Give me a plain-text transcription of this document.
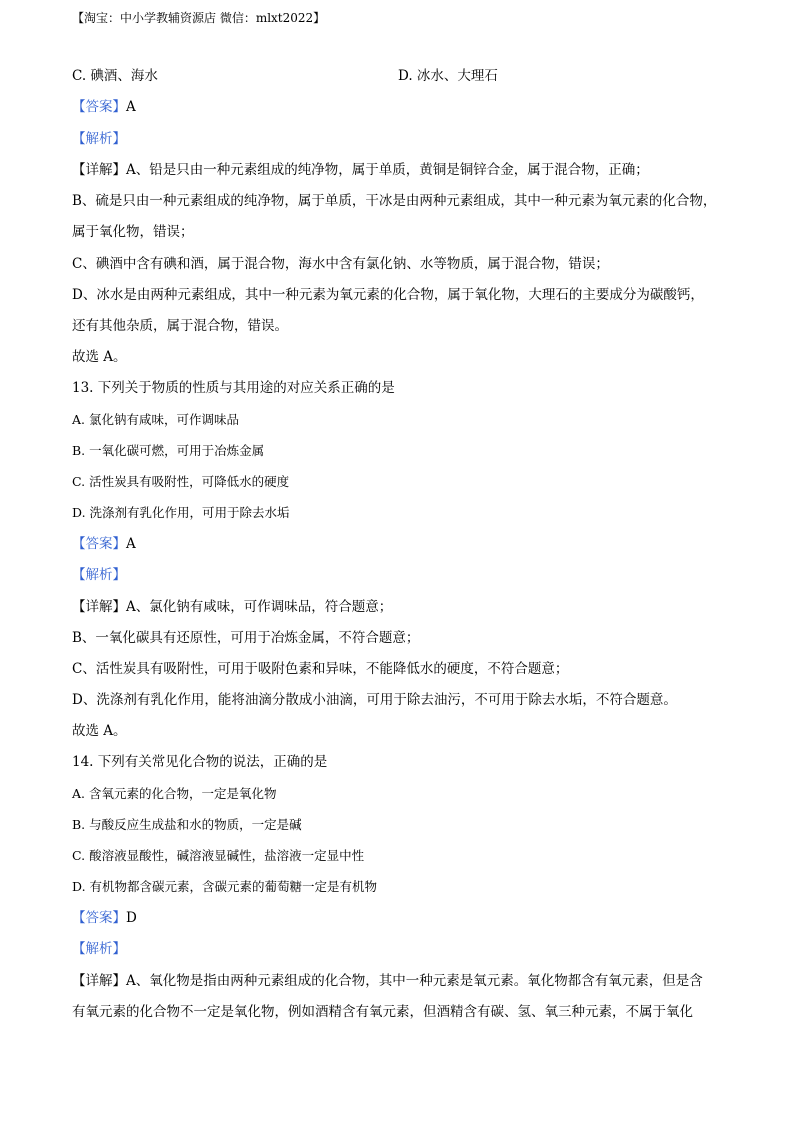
【淘宝：中小学教辅资源店 微信：mlxt2022】
C. 碘酒、海水	D. 冰水、大理石
【答案】A
【解析】
【详解】A、铅是只由一种元素组成的纯净物，属于单质，黄铜是铜锌合金，属于混合物，正确；
B、硫是只由一种元素组成的纯净物，属于单质，干冰是由两种元素组成，其中一种元素为氧元素的化合物，
属于氧化物，错误；
C、碘酒中含有碘和酒，属于混合物，海水中含有氯化钠、水等物质，属于混合物，错误；
D、冰水是由两种元素组成，其中一种元素为氧元素的化合物，属于氧化物，大理石的主要成分为碳酸钙，
还有其他杂质，属于混合物，错误。
故选 A。
13. 下列关于物质的性质与其用途的对应关系正确的是
A. 氯化钠有咸味，可作调味品
B. 一氧化碳可燃，可用于冶炼金属
C. 活性炭具有吸附性，可降低水的硬度
D. 洗涤剂有乳化作用，可用于除去水垢
【答案】A
【解析】
【详解】A、氯化钠有咸味，可作调味品，符合题意；
B、一氧化碳具有还原性，可用于冶炼金属，不符合题意；
C、活性炭具有吸附性，可用于吸附色素和异味，不能降低水的硬度，不符合题意；
D、洗涤剂有乳化作用，能将油滴分散成小油滴，可用于除去油污，不可用于除去水垢，不符合题意。
故选 A。
14. 下列有关常见化合物的说法，正确的是
A. 含氧元素的化合物，一定是氧化物
B. 与酸反应生成盐和水的物质，一定是碱
C. 酸溶液显酸性，碱溶液显碱性，盐溶液一定显中性
D. 有机物都含碳元素，含碳元素的葡萄糖一定是有机物
【答案】D
【解析】
【详解】A、氧化物是指由两种元素组成的化合物，其中一种元素是氧元素。氧化物都含有氧元素，但是含
有氧元素的化合物不一定是氧化物，例如酒精含有氧元素，但酒精含有碳、氢、氧三种元素，不属于氧化
